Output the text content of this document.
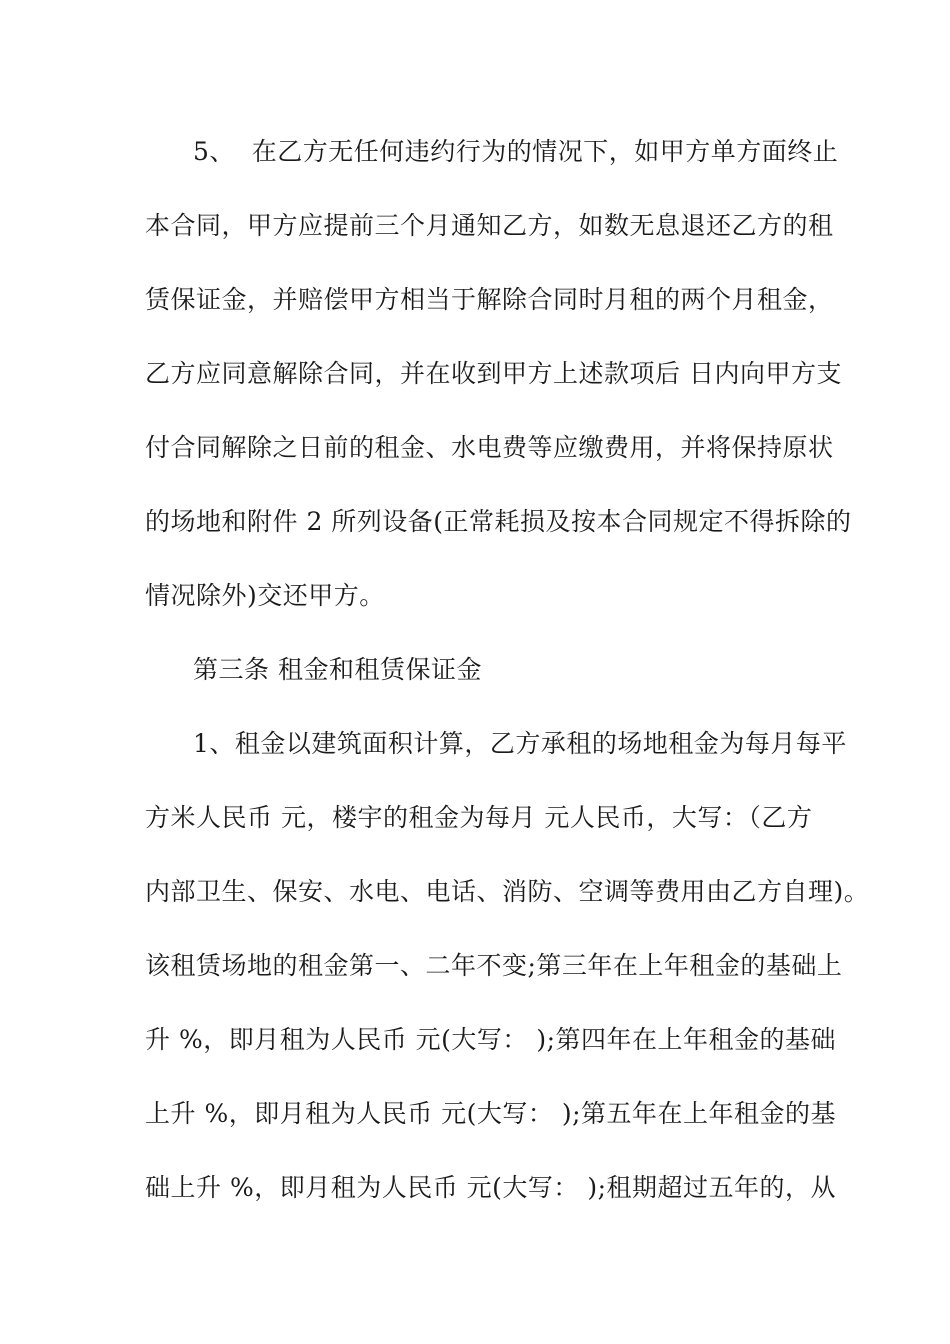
5、  在乙方无任何违约行为的情况下，如甲方单方面终止
本合同，甲方应提前三个月通知乙方，如数无息退还乙方的租
赁保证金，并赔偿甲方相当于解除合同时月租的两个月租金，
乙方应同意解除合同，并在收到甲方上述款项后 日内向甲方支
付合同解除之日前的租金、水电费等应缴费用，并将保持原状
的场地和附件 2 所列设备(正常耗损及按本合同规定不得拆除的
情况除外)交还甲方。
第三条 租金和租赁保证金
1、租金以建筑面积计算，乙方承租的场地租金为每月每平
方米人民币 元，楼宇的租金为每月 元人民币，大写：（乙方
内部卫生、保安、水电、电话、消防、空调等费用由乙方自理)。
该租赁场地的租金第一、二年不变;第三年在上年租金的基础上
升 %，即月租为人民币 元(大写： );第四年在上年租金的基础
上升 %，即月租为人民币 元(大写： );第五年在上年租金的基
础上升 %，即月租为人民币 元(大写： );租期超过五年的，从
